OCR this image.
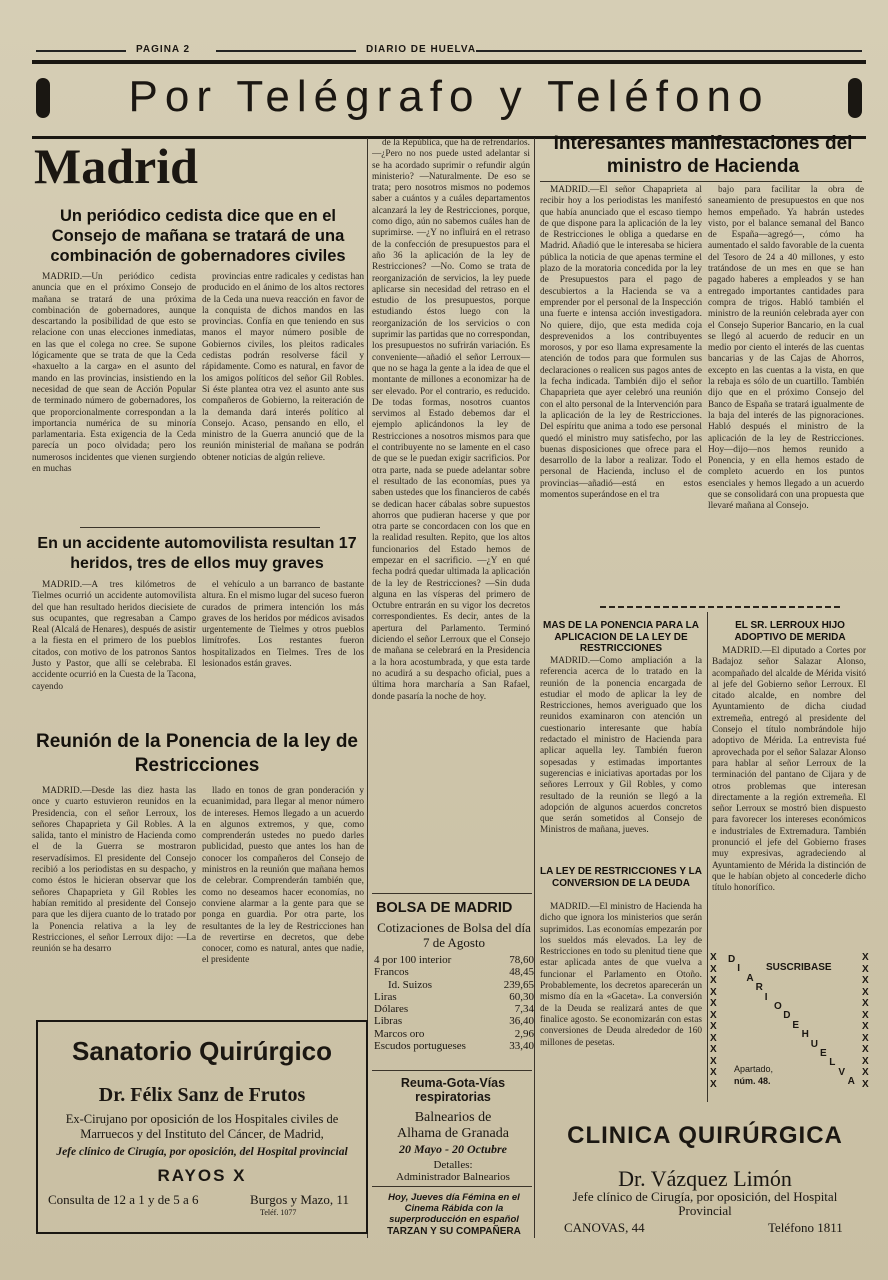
PAGINA 2	DIARIO DE HUELVA
Por Telégrafo y Teléfono
Madrid
Un periódico cedista dice que en el Consejo de mañana se tratará de una combinación de gobernadores civiles

MADRID.—Un periódico cedista anuncia que en el próximo Consejo de mañana se tratará de una próxima combinación de gobernadores, aunque descartando la posibilidad de que esto se relacione con unas elecciones inmediatas, en las que el colega no cree. Se supone lógicamente que se trata de que la Ceda «haxuelto a la carga» en el asunto del mando en las provincias, insistiendo en la necesidad de que sean de Acción Popular de terminado número de gobernadores, los que proporcionalmente correspondan a la importancia numérica de su minoría parlamentaria. Esta exigencia de la Ceda parecía un poco olvidada; pero los numerosos incidentes que vienen surgiendo en muchas

provincias entre radicales y cedistas han producido en el ánimo de los altos rectores de la Ceda una nueva reacción en favor de la conquista de dichos mandos en las provincias. Confía en que teniendo en sus manos el mayor número posible de Gobiernos civiles, los pleitos radicales cedistas podrán resolverse fácil y rápidamente. Como es natural, en favor de los amigos políticos del señor Gil Robles. Si éste plantea otra vez el asunto ante sus compañeros de Gobierno, la reiteración de la demanda dará interés político al Consejo. Acaso, pensando en ello, el ministro de la Guerra anunció que de la reunión ministerial de mañana se podrán obtener noticias de algún relieve.

En un accidente automovilista resultan 17 heridos, tres de ellos muy graves

MADRID.—A tres kilómetros de Tielmes ocurrió un accidente automovilista del que han resultado heridos diecisiete de sus ocupantes, que regresaban a Campo Real (Alcalá de Henares), después de asistir a la fiesta en el primero de los pueblos citados, con motivo de los patronos Santos Justo y Pastor, que allí se celebraba. El accidente ocurrió en la Cuesta de la Tacona, cayendo

el vehículo a un barranco de bastante altura. En el mismo lugar del suceso fueron curados de primera intención los más graves de los heridos por médicos avisados urgentemente de Tielmes y otros pueblos limítrofes. Los restantes fueron hospitalizados en Tielmes. Tres de los lesionados están graves.

Reunión de la Ponencia de la ley de Restricciones

MADRID.—Desde las diez hasta las once y cuarto estuvieron reunidos en la Presidencia, con el señor Lerroux, los señores Chapaprieta y Gil Robles. A la salida, tanto el ministro de Hacienda como el de la Guerra se mostraron reservadísimos. El presidente del Consejo recibió a los periodistas en su despacho, y como éstos le hicieran observar que los señores Chapaprieta y Gil Robles les habían remitido al presidente del Consejo para que les dijera cuanto de lo tratado por la Ponencia relativa a la ley de Restricciones, el señor Lerroux dijo: —La reunión se ha desarro

llado en tonos de gran ponderación y ecuanimidad, para llegar al menor número de intereses. Hemos llegado a un acuerdo en algunos extremos, y que, como comprenderán ustedes no puedo darles publicidad, puesto que antes los han de conocer los compañeros del Consejo de ministros en la reunión que mañana hemos de celebrar. Comprenderán también que, como no deseamos hacer economías, no conviene alarmar a la gente para que se ponga en guardia. Por otra parte, los resultantes de la ley de Restricciones han de revertirse en decretos, que debe conocer, como es natural, antes que nadie, el presidente

Sanatorio Quirúrgico
Dr. Félix Sanz de Frutos
Ex-Cirujano por oposición de los Hospitales civiles de Marruecos y del Instituto del Cáncer, de Madrid,
Jefe clínico de Cirugía, por oposición, del Hospital provincial
RAYOS X
Consulta de 12 a 1 y de 5 a 6	Burgos y Mazo, 11
Teléf. 1077

de la República, que ha de refrendarlos. —¿Pero no nos puede usted adelantar si se ha acordado suprimir o refundir algún ministerio? —Naturalmente. De eso se trata; pero nosotros mismos no podemos saber a cuántos y a cuáles departamentos alcanzará la ley de Restricciones, porque, como digo, aún no sabemos cuáles han de suprimirse. —¿Y no influirá en el retraso de la confección de presupuestos para el año 36 la aplicación de la ley de Restricciones? —No. Como se trata de reorganización de servicios, la ley puede aplicarse sin necesidad del retraso en el estudio de los presupuestos, porque estudiando éstos luego con la reorganización de los servicios o con suprimir las partidas que no correspondan, los presupuestos no sufrirán variación. Es conveniente—añadió el señor Lerroux—que no se haga la gente a la idea de que el montante de millones a economizar ha de ser elevado. Por el contrario, es reducido. De todas formas, nosotros cuantos servimos al Estado debemos dar el ejemplo aplicándonos la ley de Restricciones a nosotros mismos para que el contribuyente no se lamente en el caso de que se le puedan exigir sacrificios. Por otra parte, nada se puede adelantar sobre el resultado de las economías, pues ya saben ustedes que los financieros de cabés se dedican hacer cábalas sobre supuestos ahorros que pudieran hacerse y que por otra parte se concordacen con los que en la realidad resulten. Repito, que los altos funcionarios del Estado hemos de empezar en el sacrificio. —¿Y en qué fecha podrá quedar ultimada la aplicación de la ley de Restricciones? —Sin duda alguna en las vísperas del primero de Octubre entrarán en su vigor los decretos correspondientes. Es decir, antes de la apertura del Parlamento. Terminó diciendo el señor Lerroux que el Consejo de mañana se celebrará en la Presidencia a la hora acostumbrada, y que esta tarde no acudirá a su despacho oficial, pues a última hora marcharía a San Rafael, donde pasaría la noche de hoy.

BOLSA DE MADRID
Cotizaciones de Bolsa del día 7 de Agosto
4 por 100 interior	78,60
Francos	48,45
Id. Suizos	239,65
Liras	60,30
Dólares	7,34
Libras	36,40
Marcos oro	2,96
Escudos portugueses	33,40
Reuma-Gota-Vías respiratorias
Balnearios de
Alhama de Granada
20 Mayo - 20 Octubre
Detalles:
Administrador Balnearios
Hoy, Jueves día Fémina en el Cinema Rábida con la superproducción en español
TARZAN Y SU COMPAÑERA
Interesantes manifestaciones del ministro de Hacienda

MADRID.—El señor Chapaprieta al recibir hoy a los periodistas les manifestó que había anunciado que el escaso tiempo de que dispone para la aplicación de la ley de Restricciones le obliga a quedarse en Madrid. Añadió que le interesaba se hiciera pública la noticia de que apenas termine el plazo de la moratoria concedida por la ley de Presupuestos para el pago de descubiertos a la Hacienda se va a emprender por el personal de la Inspección una fuerte e intensa acción investigadora. No quiere, dijo, que esta medida coja desprevenidos a los contribuyentes morosos, y por eso llama expresamente la atención de todos para que formulen sus declaraciones o realicen sus pagos antes de la fecha indicada. También dijo el señor Chapaprieta que ayer celebró una reunión con el alto personal de la Intervención para la aplicación de la ley de Restricciones. Del espíritu que anima a todo ese personal quedó el ministro muy satisfecho, por las buenas disposiciones que ofrece para el desarrollo de la labor a realizar. Todo el personal de Hacienda, incluso el de provincias—añadió—está en estos momentos superándose en el tra

bajo para facilitar la obra de saneamiento de presupuestos en que nos hemos empeñado. Ya habrán ustedes visto, por el balance semanal del Banco de España—agregó—, cómo ha aumentado el saldo favorable de la cuenta del Tesoro de 24 a 40 millones, y esto tratándose de un mes en que se han pagado haberes a empleados y se han entregado importantes cantidades para compra de trigos. Habló también el ministro de la reunión celebrada ayer con el Consejo Superior Bancario, en la cual se llegó al acuerdo de reducir en un medio por ciento el interés de las cuentas bancarias y de las Cajas de Ahorros, excepto en las cuentas a la vista, en que la rebaja es sólo de un cuartillo. También dijo que en el próximo Consejo del Banco de España se tratará igualmente de la baja del interés de las pignoraciones. Habló después el ministro de la aplicación de la ley de Restricciones. Hoy—dijo—nos hemos reunido a Ponencia, y en ella hemos estado de completo acuerdo en los puntos esenciales y hemos llegado a un acuerdo que se consolidará con una propuesta que llevaré mañana al Consejo.

MAS DE LA PONENCIA PARA LA APLICACION DE LA LEY DE RESTRICCIONES

MADRID.—Como ampliación a la referencia acerca de lo tratado en la reunión de la ponencia encargada de estudiar el modo de aplicar la ley de Restricciones, hemos averiguado que los reunidos examinaron con atención un cuestionario interesante que había redactado el ministro de Hacienda para aplicar aquella ley. También fueron sopesadas y estimadas importantes sugerencias e iniciativas aportadas por los señores Lerroux y Gil Robles, y como resultado de la reunión se llegó a la adopción de algunos acuerdos concretos que serán sometidos al Consejo de Ministros de mañana, jueves.

LA LEY DE RESTRICCIONES Y LA CONVERSION DE LA DEUDA

MADRID.—El ministro de Hacienda ha dicho que ignora los ministerios que serán suprimidos. Las economías empezarán por los sueldos más elevados. La ley de Restricciones en todo su plenitud tiene que estar aplicada antes de que vuelva a funcionar el Parlamento en Otoño. Probablemente, los decretos aparecerán un mismo día en la «Gaceta». La conversión de la Deuda se realizará antes de que finalice agosto. Se economizarán con estas conversiones de Deuda alrededor de 160 millones de pesetas.

EL SR. LERROUX HIJO ADOPTIVO DE MERIDA

MADRID.—El diputado a Cortes por Badajoz señor Salazar Alonso, acompañado del alcalde de Mérida visitó al jefe del Gobierno señor Lerroux. El citado alcalde, en nombre del Ayuntamiento de dicha ciudad extremeña, entregó al presidente del Consejo el título nombrándole hijo adoptivo de Mérida. La entrevista fué aprovechada por el señor Salazar Alonso para hablar al señor Lerroux de la terminación del pantano de Cijara y de otros problemas que interesan directamente a la región extremeña. El señor Lerroux se mostró bien dispuesto para favorecer los intereses económicos e industriales de Extremadura. También pronunció el jefe del Gobierno frases muy expresivas, agradeciendo al Ayuntamiento de Mérida la distinción de que le habían objeto al concederle dicho título honorífico.

XXXXXXXXXXXX
XXXXXXXXXXXX
SUSCRIBASE
D
I
A
R
I
O
D
E
H
U
E
L
V
A
Apartado,
núm. 48.
CLINICA QUIRÚRGICA
Dr. Vázquez Limón
Jefe clínico de Cirugía, por oposición, del Hospital Provincial
CANOVAS, 44	Teléfono 1811
